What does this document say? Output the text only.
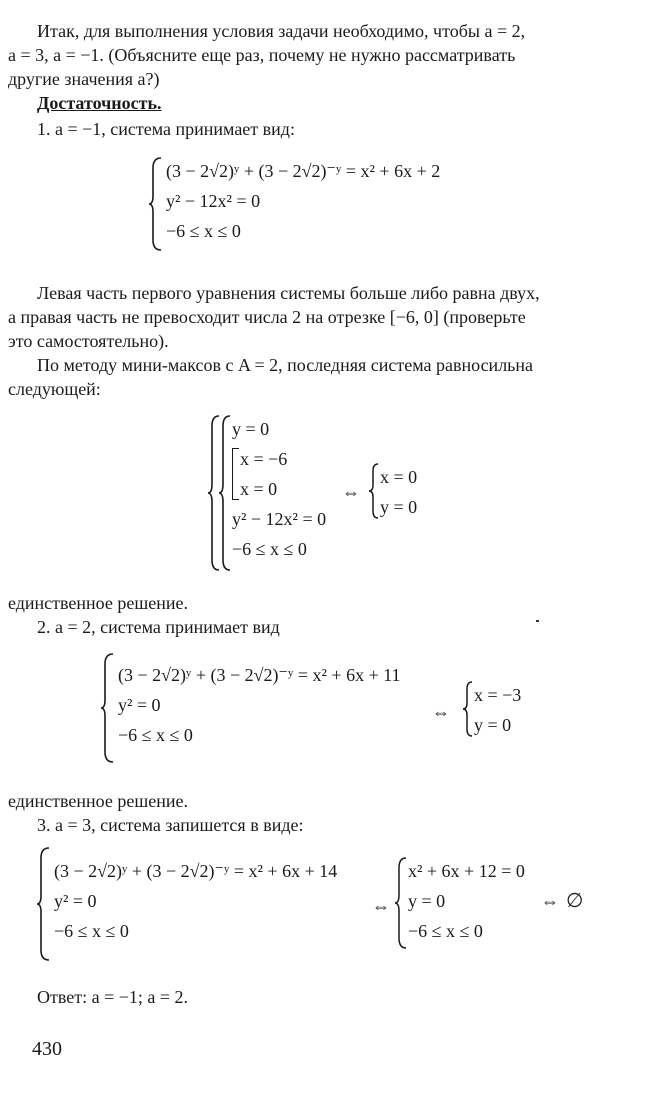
Итак, для выполнения условия задачи необходимо, чтобы a = 2,

a = 3, a = −1. (Объясните еще раз, почему не нужно рассматривать

другие значения a?)

Достаточность.

1. a = −1, система принимает вид:

(3 − 2√2)ʸ + (3 − 2√2)⁻ʸ = x² + 6x + 2
y² − 12x² = 0
−6 ≤ x ≤ 0

Левая часть первого уравнения системы больше либо равна двух,

а правая часть не превосходит числа 2 на отрезке [−6, 0] (проверьте

это самостоятельно).

По методу мини-максов с A = 2, последняя система равносильна

следующей:

y = 0
x = −6
x = 0
y² − 12x² = 0
−6 ≤ x ≤ 0
⇔
x = 0
y = 0

единственное решение.

2. a = 2, система принимает вид

(3 − 2√2)ʸ + (3 − 2√2)⁻ʸ = x² + 6x + 11
y² = 0
−6 ≤ x ≤ 0
⇔
x = −3
y = 0

единственное решение.

3. a = 3, система запишется в виде:

(3 − 2√2)ʸ + (3 − 2√2)⁻ʸ = x² + 6x + 14
y² = 0
−6 ≤ x ≤ 0
⇔
x² + 6x + 12 = 0
y = 0
−6 ≤ x ≤ 0
⇔ ∅

Ответ: a = −1; a = 2.

430
